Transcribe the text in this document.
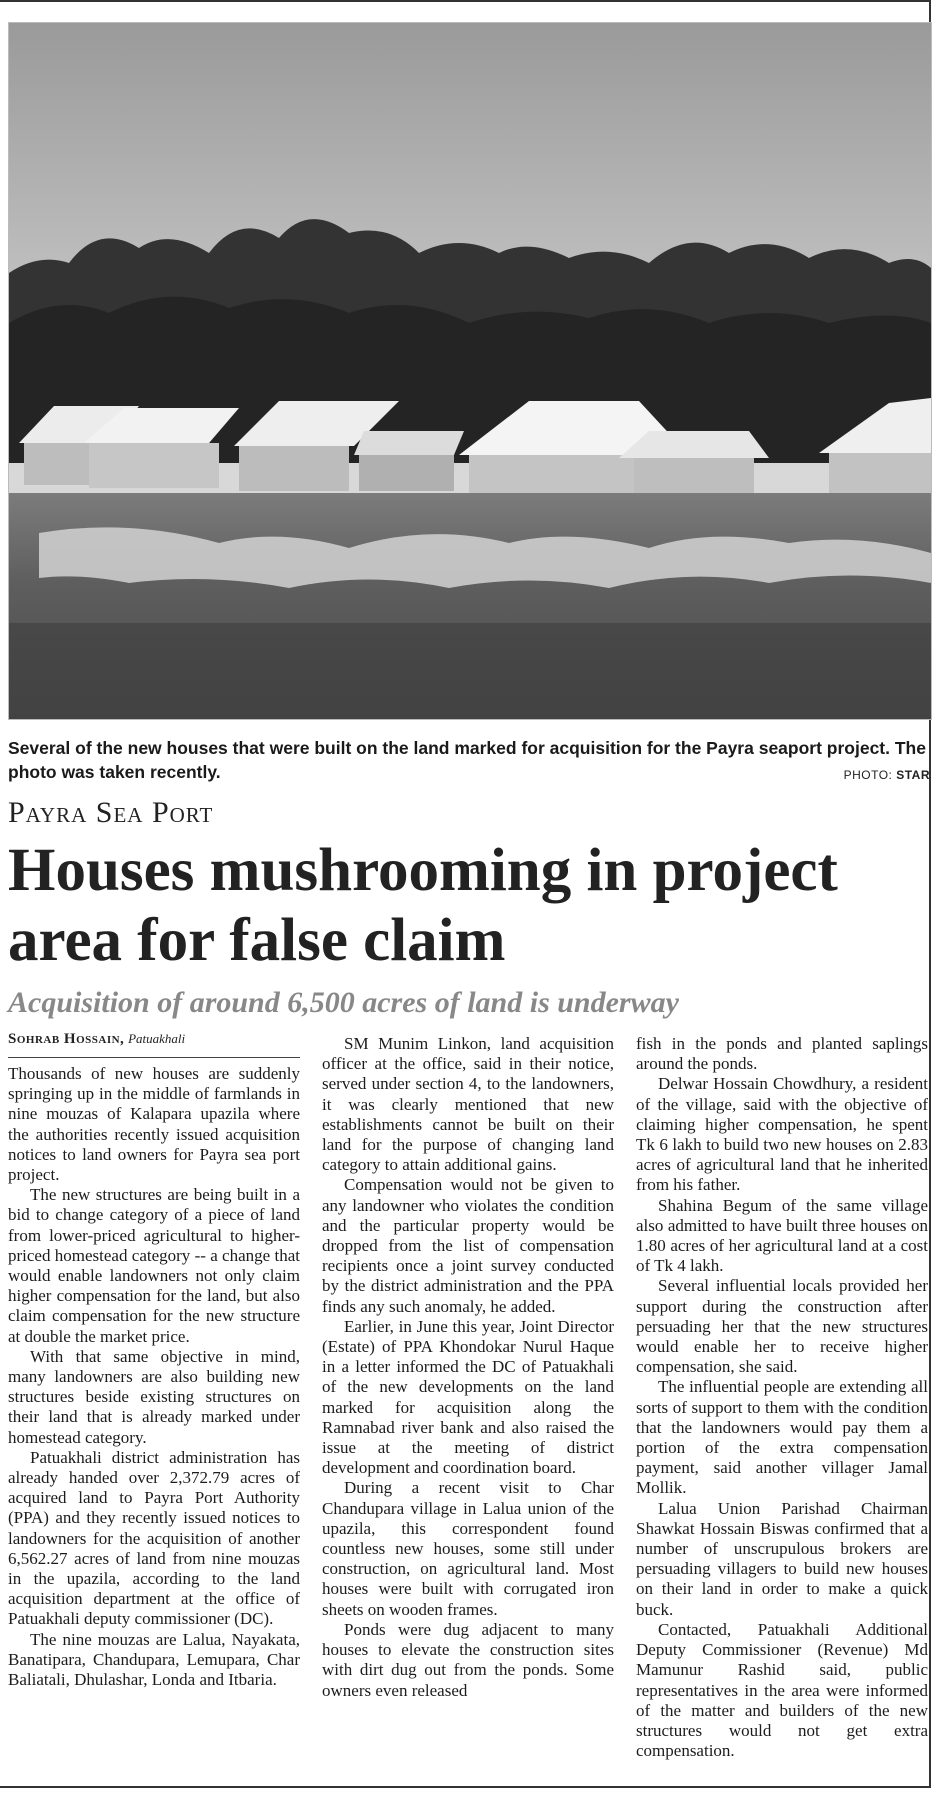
Several of the new houses that were built on the land marked for acquisition for the Payra seaport project. The photo was taken recently.	PHOTO: STAR
Payra Sea Port
Houses mushrooming in project area for false claim
Acquisition of around 6,500 acres of land is underway
Sohrab Hossain, Patuakhali

Thousands of new houses are suddenly springing up in the middle of farmlands in nine mouzas of Kalapara upazila where the authorities recently issued acquisition notices to land owners for Payra sea port project.

The new structures are being built in a bid to change category of a piece of land from lower-priced agricultural to higher-priced homestead category -- a change that would enable landowners not only claim higher compensation for the land, but also claim compensation for the new structure at double the market price.

With that same objective in mind, many landowners are also building new structures beside existing structures on their land that is already marked under homestead category.

Patuakhali district administration has already handed over 2,372.79 acres of acquired land to Payra Port Authority (PPA) and they recently issued notices to landowners for the acquisition of another 6,562.27 acres of land from nine mouzas in the upazila, according to the land acquisition department at the office of Patuakhali deputy commissioner (DC).

The nine mouzas are Lalua, Nayakata, Banatipara, Chandupara, Lemupara, Char Baliatali, Dhulashar, Londa and Itbaria.

SM Munim Linkon, land acquisition officer at the office, said in their notice, served under section 4, to the landowners, it was clearly mentioned that new establishments cannot be built on their land for the purpose of changing land category to attain additional gains.

Compensation would not be given to any landowner who violates the condition and the particular property would be dropped from the list of compensation recipients once a joint survey conducted by the district administration and the PPA finds any such anomaly, he added.

Earlier, in June this year, Joint Director (Estate) of PPA Khondokar Nurul Haque in a letter informed the DC of Patuakhali of the new developments on the land marked for acquisition along the Ramnabad river bank and also raised the issue at the meeting of district development and coordination board.

During a recent visit to Char Chandupara village in Lalua union of the upazila, this correspondent found countless new houses, some still under construction, on agricultural land. Most houses were built with corrugated iron sheets on wooden frames.

Ponds were dug adjacent to many houses to elevate the construction sites with dirt dug out from the ponds. Some owners even released

fish in the ponds and planted saplings around the ponds.

Delwar Hossain Chowdhury, a resident of the village, said with the objective of claiming higher compensation, he spent Tk 6 lakh to build two new houses on 2.83 acres of agricultural land that he inherited from his father.

Shahina Begum of the same village also admitted to have built three houses on 1.80 acres of her agricultural land at a cost of Tk 4 lakh.

Several influential locals provided her support during the construction after persuading her that the new structures would enable her to receive higher compensation, she said.

The influential people are extending all sorts of support to them with the condition that the landowners would pay them a portion of the extra compensation payment, said another villager Jamal Mollik.

Lalua Union Parishad Chairman Shawkat Hossain Biswas confirmed that a number of unscrupulous brokers are persuading villagers to build new houses on their land in order to make a quick buck.

Contacted, Patuakhali Additional Deputy Commissioner (Revenue) Md Mamunur Rashid said, public representatives in the area were informed of the matter and builders of the new structures would not get extra compensation.
